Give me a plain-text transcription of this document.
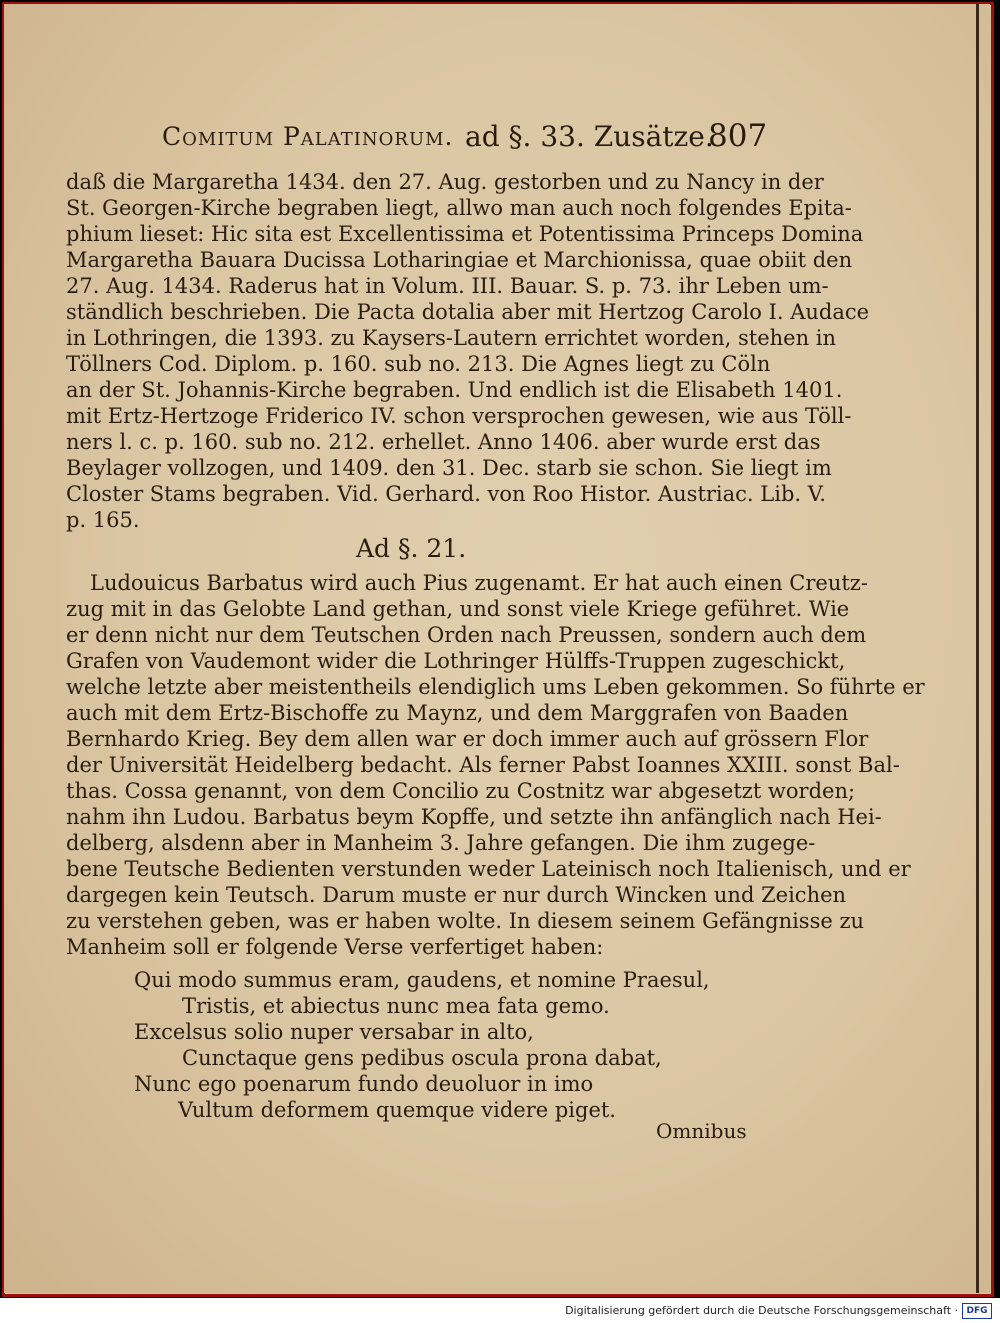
Comitum Palatinorum. ad §. 33. Zusätze.
807
daß die Margaretha 1434. den 27. Aug. gestorben und zu Nancy in der
St. Georgen-Kirche begraben liegt, allwo man auch noch folgendes Epita-
phium lieset: Hic sita est Excellentissima et Potentissima Princeps Domina
Margaretha Bauara Ducissa Lotharingiae et Marchionissa, quae obiit den
27. Aug. 1434. Raderus hat in Volum. III. Bauar. S. p. 73. ihr Leben um-
ständlich beschrieben. Die Pacta dotalia aber mit Hertzog Carolo I. Audace
in Lothringen, die 1393. zu Kaysers-Lautern errichtet worden, stehen in
Töllners Cod. Diplom. p. 160. sub no. 213. Die Agnes liegt zu Cöln
an der St. Johannis-Kirche begraben. Und endlich ist die Elisabeth 1401.
mit Ertz-Hertzoge Friderico IV. schon versprochen gewesen, wie aus Töll-
ners l. c. p. 160. sub no. 212. erhellet. Anno 1406. aber wurde erst das
Beylager vollzogen, und 1409. den 31. Dec. starb sie schon. Sie liegt im
Closter Stams begraben. Vid. Gerhard. von Roo Histor. Austriac. Lib. V.
p. 165.
Ad §. 21.
Ludouicus Barbatus wird auch Pius zugenamt. Er hat auch einen Creutz-
zug mit in das Gelobte Land gethan, und sonst viele Kriege geführet. Wie
er denn nicht nur dem Teutschen Orden nach Preussen, sondern auch dem
Grafen von Vaudemont wider die Lothringer Hülffs-Truppen zugeschickt,
welche letzte aber meistentheils elendiglich ums Leben gekommen. So führte er
auch mit dem Ertz-Bischoffe zu Maynz, und dem Marggrafen von Baaden
Bernhardo Krieg. Bey dem allen war er doch immer auch auf grössern Flor
der Universität Heidelberg bedacht. Als ferner Pabst Ioannes XXIII. sonst Bal-
thas. Cossa genannt, von dem Concilio zu Costnitz war abgesetzt worden;
nahm ihn Ludou. Barbatus beym Kopffe, und setzte ihn anfänglich nach Hei-
delberg, alsdenn aber in Manheim 3. Jahre gefangen. Die ihm zugege-
bene Teutsche Bedienten verstunden weder Lateinisch noch Italienisch, und er
dargegen kein Teutsch. Darum muste er nur durch Wincken und Zeichen
zu verstehen geben, was er haben wolte. In diesem seinem Gefängnisse zu
Manheim soll er folgende Verse verfertiget haben:
Qui modo summus eram, gaudens, et nomine Praesul,
Tristis, et abiectus nunc mea fata gemo.
Excelsus solio nuper versabar in alto,
Cunctaque gens pedibus oscula prona dabat,
Nunc ego poenarum fundo deuoluor in imo
Vultum deformem quemque videre piget.
Omnibus
Digitalisierung gefördert durch die Deutsche Forschungsgemeinschaft · DFG
